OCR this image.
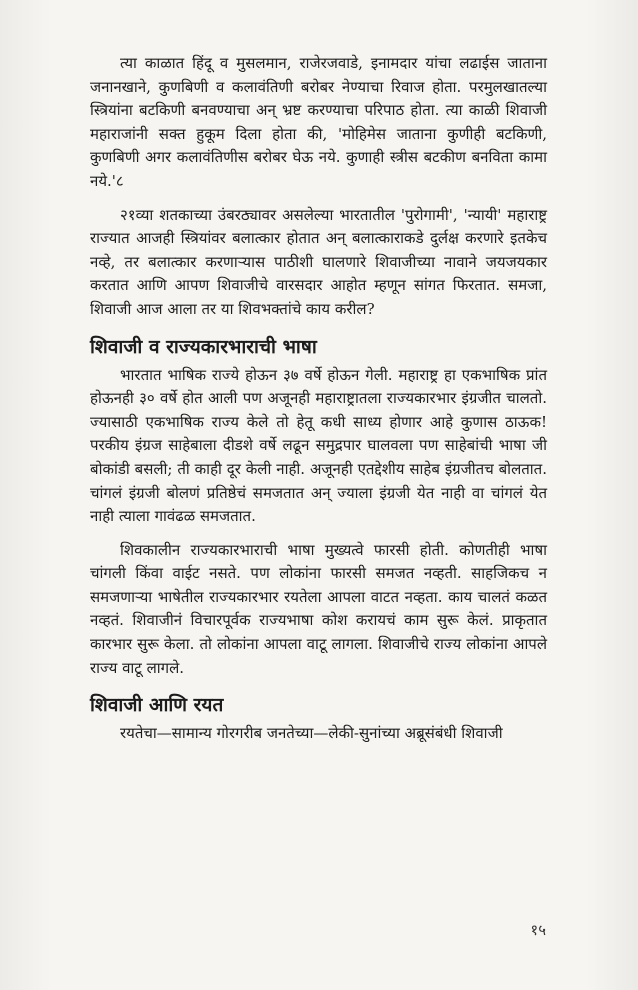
त्या काळात हिंदू व मुसलमान, राजेरजवाडे, इनामदार यांचा लढाईस जाताना जनानखाने, कुणबिणी व कलावंतिणी बरोबर नेण्याचा रिवाज होता. परमुलखातल्या स्त्रियांना बटकिणी बनवण्याचा अन् भ्रष्ट करण्याचा परिपाठ होता. त्या काळी शिवाजी महाराजांनी सक्त हुकूम दिला होता की, 'मोहिमेस जाताना कुणीही बटकिणी, कुणबिणी अगर कलावंतिणीस बरोबर घेऊ नये. कुणाही स्त्रीस बटकीण बनविता कामा नये.'८

२१व्या शतकाच्या उंबरठ्यावर असलेल्या भारतातील 'पुरोगामी', 'न्यायी' महाराष्ट्र राज्यात आजही स्त्रियांवर बलात्कार होतात अन् बलात्काराकडे दुर्लक्ष करणारे इतकेच नव्हे, तर बलात्कार करणाऱ्यास पाठीशी घालणारे शिवाजीच्या नावाने जयजयकार करतात आणि आपण शिवाजीचे वारसदार आहोत म्हणून सांगत फिरतात. समजा, शिवाजी आज आला तर या शिवभक्तांचे काय करील?

शिवाजी व राज्यकारभाराची भाषा

भारतात भाषिक राज्ये होऊन ३७ वर्षे होऊन गेली. महाराष्ट्र हा एकभाषिक प्रांत होऊनही ३० वर्षे होत आली पण अजूनही महाराष्ट्रातला राज्यकारभार इंग्रजीत चालतो. ज्यासाठी एकभाषिक राज्य केले तो हेतू कधी साध्य होणार आहे कुणास ठाऊक! परकीय इंग्रज साहेबाला दीडशे वर्षे लढून समुद्रपार घालवला पण साहेबांची भाषा जी बोकांडी बसली; ती काही दूर केली नाही. अजूनही एतद्देशीय साहेब इंग्रजीतच बोलतात. चांगलं इंग्रजी बोलणं प्रतिष्ठेचं समजतात अन् ज्याला इंग्रजी येत नाही वा चांगलं येत नाही त्याला गावंढळ समजतात.

शिवकालीन राज्यकारभाराची भाषा मुख्यत्वे फारसी होती. कोणतीही भाषा चांगली किंवा वाईट नसते. पण लोकांना फारसी समजत नव्हती. साहजिकच न समजणाऱ्या भाषेतील राज्यकारभार रयतेला आपला वाटत नव्हता. काय चालतं कळत नव्हतं. शिवाजीनं विचारपूर्वक राज्यभाषा कोश करायचं काम सुरू केलं. प्राकृतात कारभार सुरू केला. तो लोकांना आपला वाटू लागला. शिवाजीचे राज्य लोकांना आपले राज्य वाटू लागले.

शिवाजी आणि रयत

रयतेचा—सामान्य गोरगरीब जनतेच्या—लेकी-सुनांच्या अब्रूसंबंधी शिवाजी

१५
